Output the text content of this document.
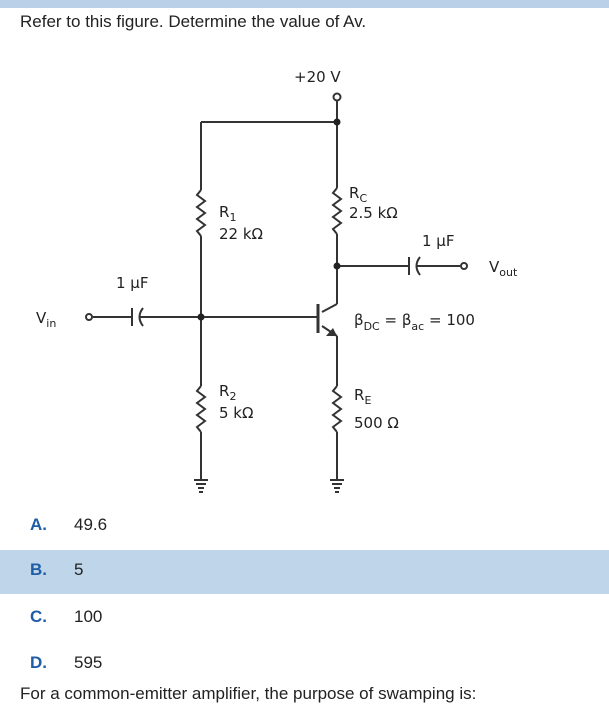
Refer to this figure. Determine the value of Av.
+20 V
$R_1$
22 kΩ
$R_C$
2.5 kΩ
1 μF
$V_{out}$
1 μF
$V_{in}$	$\beta_{DC} = \beta_{ac} = 100$
$R_2$
5 kΩ
$R_E$
500 Ω
A. 49.6
B. 5
C. 100
D. 595
For a common-emitter amplifier, the purpose of swamping is:
